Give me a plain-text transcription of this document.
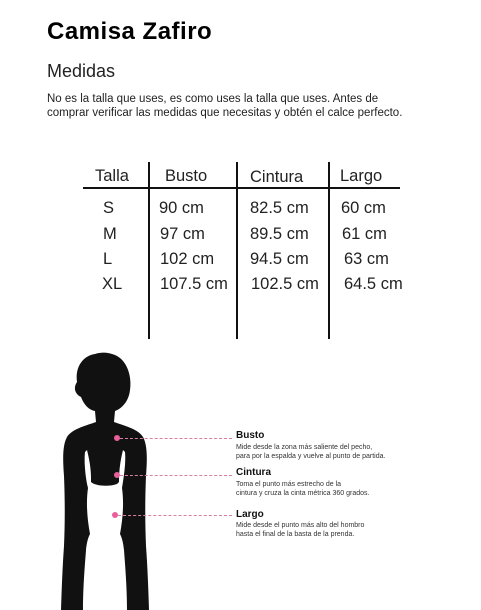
Camisa Zafiro
Medidas
No es la talla que uses, es como uses la talla que uses. Antes de comprar verificar las medidas que necesitas y obtén el calce perfecto.
Talla Busto	Cintura Largo
S	90 cm	82.5 cm 60 cm
M	97 cm	89.5 cm 61 cm
L	102 cm 94.5 cm 63 cm
XL 107.5 cm 102.5 cm 64.5 cm
Busto
Mide desde la zona más saliente del pecho,
para por la espalda y vuelve al punto de partida.
Cintura
Toma el punto más estrecho de la
cintura y cruza la cinta métrica 360 grados.
Largo
Mide desde el punto más alto del hombro
hasta el final de la basta de la prenda.
